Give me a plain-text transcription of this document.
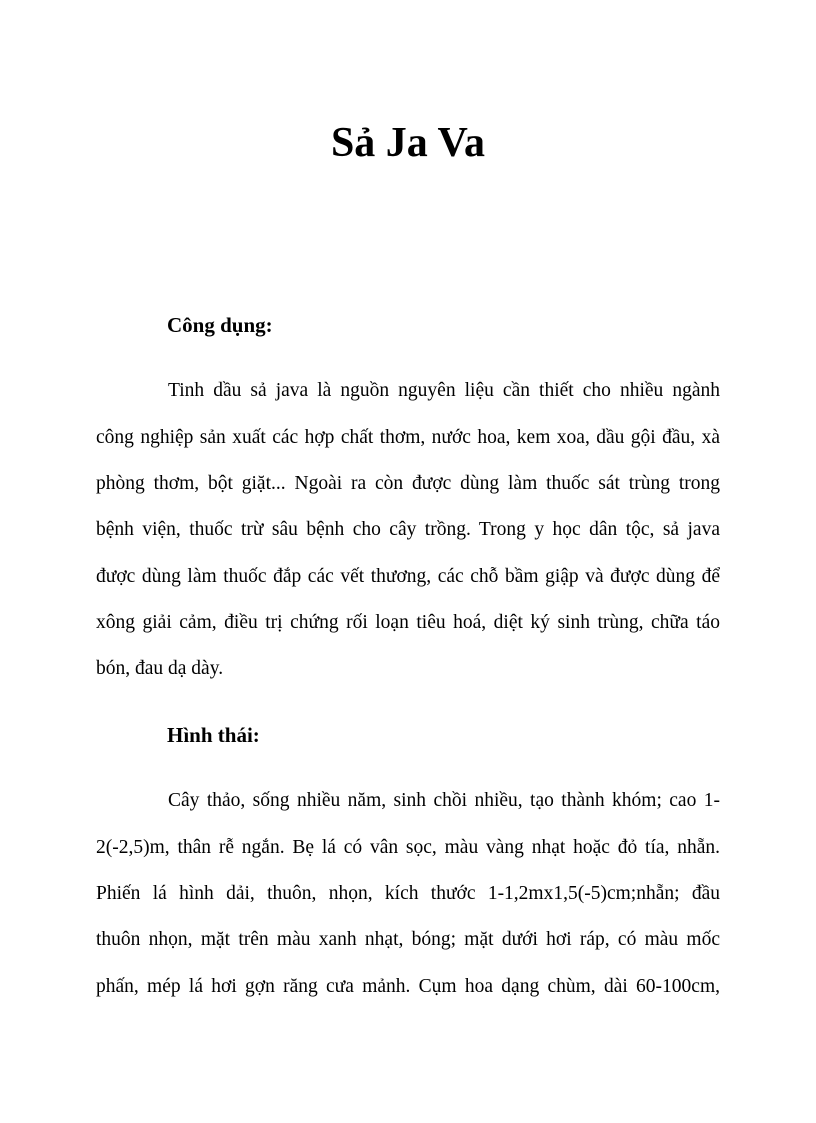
Sả Ja Va
Công dụng:
Tinh dầu sả java là nguồn nguyên liệu cần thiết cho nhiều ngành
công nghiệp sản xuất các hợp chất thơm, nước hoa, kem xoa, dầu gội đầu, xà
phòng thơm, bột giặt... Ngoài ra còn được dùng làm thuốc sát trùng trong
bệnh viện, thuốc trừ sâu bệnh cho cây trồng. Trong y học dân tộc, sả java
được dùng làm thuốc đắp các vết thương, các chỗ bầm giập và được dùng để
xông giải cảm, điều trị chứng rối loạn tiêu hoá, diệt ký sinh trùng, chữa táo
bón, đau dạ dày.
Hình thái:
Cây thảo, sống nhiều năm, sinh chồi nhiều, tạo thành khóm; cao 1-
2(-2,5)m, thân rễ ngắn. Bẹ lá có vân sọc, màu vàng nhạt hoặc đỏ tía, nhẵn.
Phiến lá hình dải, thuôn, nhọn, kích thước 1-1,2mx1,5(-5)cm;nhẵn; đầu
thuôn nhọn, mặt trên màu xanh nhạt, bóng; mặt dưới hơi ráp, có màu mốc
phấn, mép lá hơi gợn răng cưa mảnh. Cụm hoa dạng chùm, dài 60-100cm,
